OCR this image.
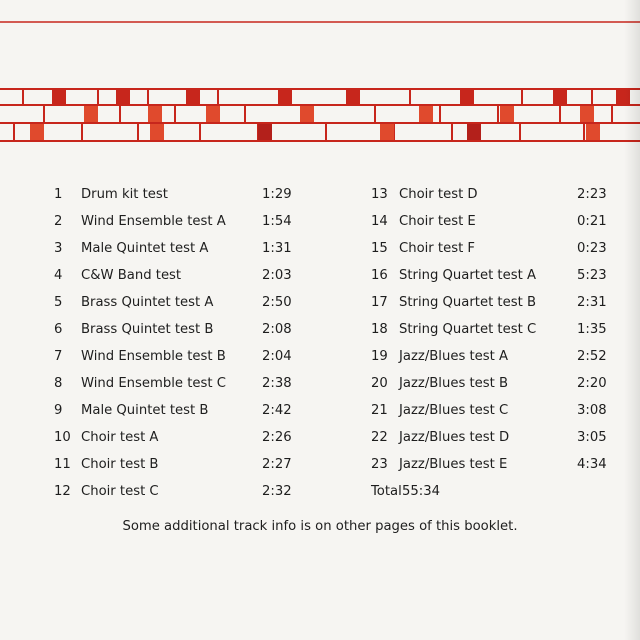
1 Drum kit test	1:29
2 Wind Ensemble test A	1:54
3 Male Quintet test A	1:31
4 C&W Band test	2:03
5 Brass Quintet test A	2:50
6 Brass Quintet test B	2:08
7 Wind Ensemble test B	2:04
8 Wind Ensemble test C	2:38
9 Male Quintet test B	2:42
10 Choir test A	2:26
11 Choir test B	2:27
12 Choir test C	2:32
13 Choir test D	2:23
14 Choir test E	0:21
15 Choir test F	0:23
16 String Quartet test A	5:23
17 String Quartet test B	2:31
18 String Quartet test C	1:35
19 Jazz/Blues test A	2:52
20 Jazz/Blues test B	2:20
21 Jazz/Blues test C	3:08
22 Jazz/Blues test D	3:05
23 Jazz/Blues test E	4:34
Total 55:34
Some additional track info is on other pages of this booklet.
